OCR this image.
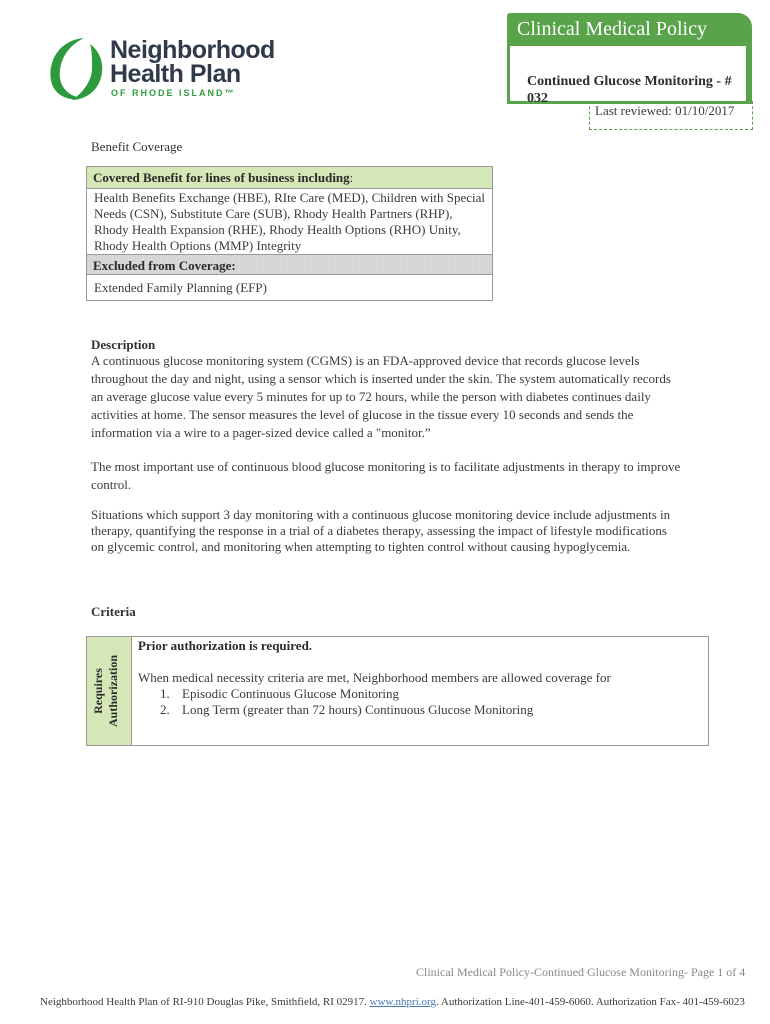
Neighborhood
Health Plan
OF RHODE ISLAND™
Clinical Medical Policy
Continued Glucose Monitoring - # 032
Last reviewed: 01/10/2017
Benefit Coverage
Covered Benefit for lines of business including:
Health Benefits Exchange (HBE), RIte Care (MED), Children with Special Needs (CSN), Substitute Care (SUB), Rhody Health Partners (RHP), Rhody Health Expansion (RHE), Rhody Health Options (RHO) Unity, Rhody Health Options (MMP) Integrity
Excluded from Coverage:
Extended Family Planning (EFP)
Description
A continuous glucose monitoring system (CGMS) is an FDA-approved device that records glucose levels throughout the day and night, using a sensor which is inserted under the skin. The system automatically records an average glucose value every 5 minutes for up to 72 hours, while the person with diabetes continues daily activities at home. The sensor measures the level of glucose in the tissue every 10 seconds and sends the information via a wire to a pager-sized device called a "monitor.”
The most important use of continuous blood glucose monitoring is to facilitate adjustments in therapy to improve control.
Situations which support 3 day monitoring with a continuous glucose monitoring device include adjustments in therapy, quantifying the response in a trial of a diabetes therapy, assessing the impact of lifestyle modifications on glycemic control, and monitoring when attempting to tighten control without causing hypoglycemia.
Criteria
Requires Authorization
Prior authorization is required.
When medical necessity criteria are met, Neighborhood members are allowed coverage for
1. Episodic Continuous Glucose Monitoring
2. Long Term (greater than 72 hours) Continuous Glucose Monitoring
Clinical Medical Policy-Continued Glucose Monitoring- Page 1 of 4
Neighborhood Health Plan of RI-910 Douglas Pike, Smithfield, RI 02917. www.nhpri.org. Authorization Line-401-459-6060. Authorization Fax- 401-459-6023
